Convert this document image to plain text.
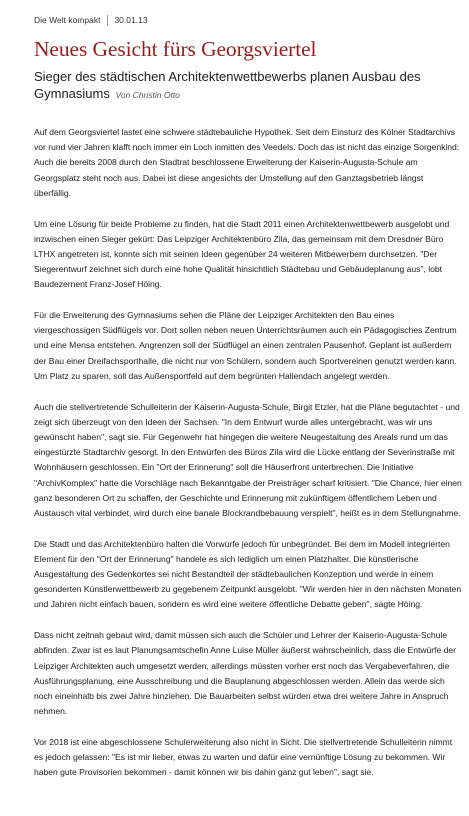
Die Welt kompakt 30.01.13
Neues Gesicht fürs Georgsviertel
Sieger des städtischen Architektenwettbewerbs planen Ausbau des Gymnasiums Von Christin Otto

Auf dem Georgsviertel lastet eine schwere städtebauliche Hypothek. Seit dem Einsturz des Kölner Stadtarchivs vor rund vier Jahren klafft noch immer ein Loch inmitten des Veedels. Doch das ist nicht das einzige Sorgenkind: Auch die bereits 2008 durch den Stadtrat beschlossene Erweiterung der Kaiserin-Augusta-Schule am Georgsplatz steht noch aus. Dabei ist diese angesichts der Umstellung auf den Ganztagsbetrieb längst überfällig.

Um eine Lösung für beide Probleme zu finden, hat die Stadt 2011 einen Architektenwettbewerb ausgelobt und inzwischen einen Sieger gekürt: Das Leipziger Architektenbüro Zila, das gemeinsam mit dem Dresdner Büro LTHX angetreten ist, konnte sich mit seinen Ideen gegenüber 24 weiteren Mitbewerbern durchsetzen. "Der Siegerentwurf zeichnet sich durch eine hohe Qualität hinsichtlich Städtebau und Gebäudeplanung aus", lobt Baudezernent Franz-Josef Höing.

Für die Erweiterung des Gymnasiums sehen die Pläne der Leipziger Architekten den Bau eines viergeschossigen Südflügels vor. Dort sollen neben neuen Unterrichtsräumen auch ein Pädagogisches Zentrum und eine Mensa entstehen. Angrenzen soll der Südflügel an einen zentralen Pausenhof. Geplant ist außerdem der Bau einer Dreifachsporthalle, die nicht nur von Schülern, sondern auch Sportvereinen genutzt werden kann. Um Platz zu sparen, soll das Außensportfeld auf dem begrünten Hallendach angelegt werden.

Auch die stellvertretende Schulleiterin der Kaiserin-Augusta-Schule, Birgit Etzler, hat die Pläne begutachtet - und zeigt sich überzeugt von den Ideen der Sachsen. "In dem Entwurf wurde alles untergebracht, was wir uns gewünscht haben", sagt sie. Für Gegenwehr hat hingegen die weitere Neugestaltung des Areals rund um das eingestürzte Stadtarchiv gesorgt. In den Entwürfen des Büros Zila wird die Lücke entlang der Severinstraße mit Wohnhäusern geschlossen. Ein "Ort der Erinnerung" soll die Häuserfront unterbrechen. Die Initiative "ArchivKomplex" hatte die Vorschläge nach Bekanntgabe der Preisträger scharf kritisiert. "Die Chance, hier einen ganz besonderen Ort zu schaffen, der Geschichte und Erinnerung mit zukünftigem öffentlichem Leben und Austausch vital verbindet, wird durch eine banale Blockrandbebauung verspielt", heißt es in dem Stellungnahme.

Die Stadt und das Architektenbüro halten die Vorwürfe jedoch für unbegründet. Bei dem im Modell integrierten Element für den "Ort der Erinnerung" handele es sich lediglich um einen Platzhalter. Die künstlerische Ausgestaltung des Gedenkortes sei nicht Bestandteil der städtebaulichen Konzeption und werde in einem gesonderten Künstlerwettbewerb zu gegebenem Zeitpunkt ausgelobt. "Wir werden hier in den nächsten Monaten und Jahren nicht einfach bauen, sondern es wird eine weitere öffentliche Debatte geben", sagte Höing.

Dass nicht zeitnah gebaut wird, damit müssen sich auch die Schüler und Lehrer der Kaiserin-Augusta-Schule abfinden. Zwar ist es laut Planungsamtschefin Anne Luise Müller äußerst wahrscheinlich, dass die Entwürfe der Leipziger Architekten auch umgesetzt werden, allerdings müssten vorher erst noch das Vergabeverfahren, die Ausführungsplanung, eine Ausschreibung und die Bauplanung abgeschlossen werden. Allein das werde sich noch eineinhalb bis zwei Jahre hinziehen. Die Bauarbeiten selbst würden etwa drei weitere Jahre in Anspruch nehmen.

Vor 2018 ist eine abgeschlossene Schulerweiterung also nicht in Sicht. Die stellvertretende Schulleiterin nimmt es jedoch gelassen: "Es ist mir lieber, etwas zu warten und dafür eine vernünftige Lösung zu bekommen. Wir haben gute Provisorien bekommen - damit können wir bis dahin ganz gut leben", sagt sie.
